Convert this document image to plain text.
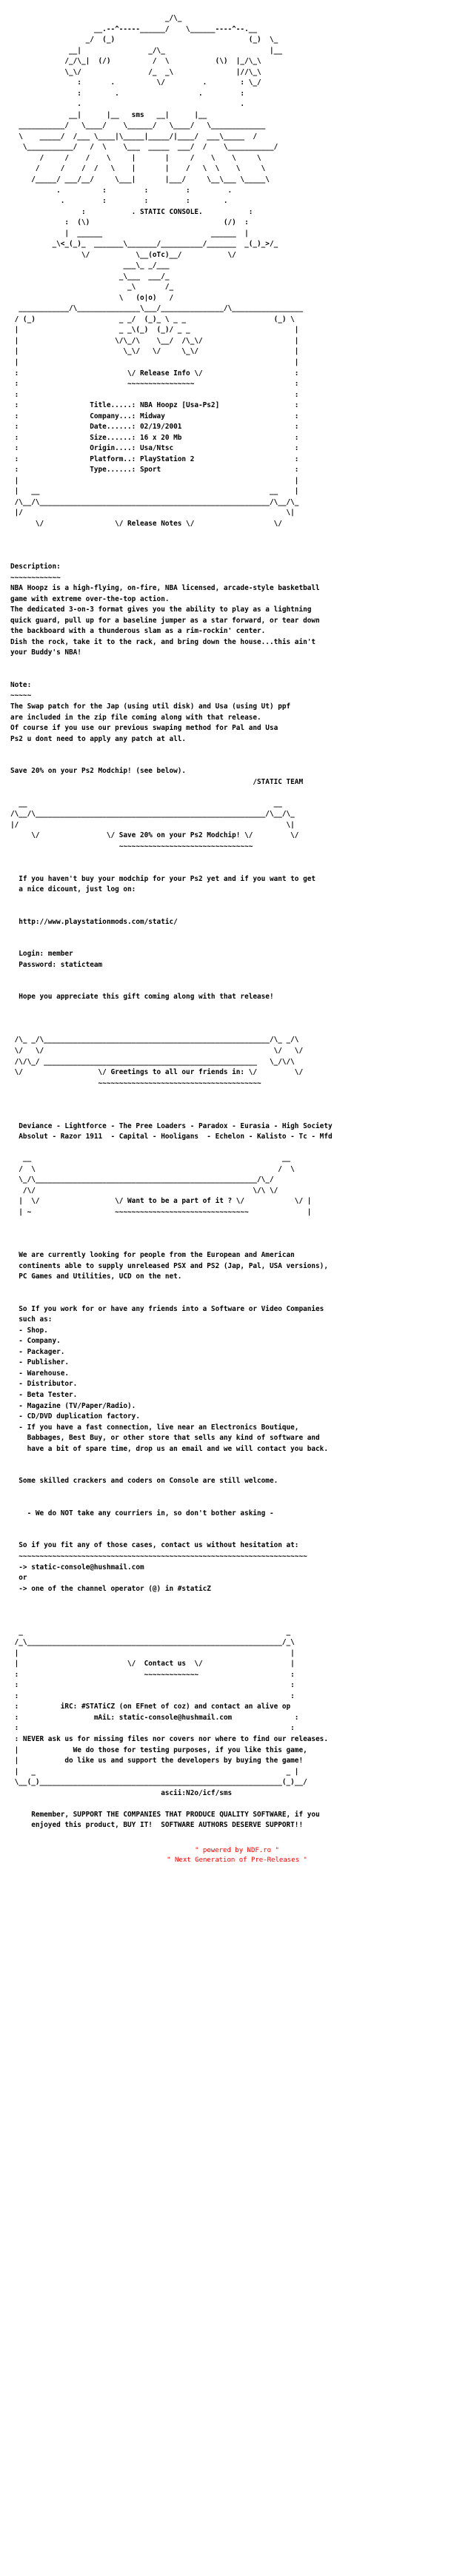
_/\_
__.--^-----______/    \______----^--.__
_/  (_)                                (_)  \_
__|                _/\_                         |__
/_/\_|  (/)          /  \           (\)  |_/\_\
\_\/                /_  _\               |//\_\
:       .          \/         .        : \_/
:        .                   .         :
.                                      .
__|      |__   sms   __|      |__
___________/   \____/    \______/   \____/   \_____________
\    _____/  /___ \____|\_____|_____/|____/  ___\_____  /
\___________/   /  \    \___  _____  ___/  /    \___________/
/     /    /    \     |       |     /    \    \     \
/     /    /  /   \    |       |    /   \  \    \     \
/_____/ ___/__/     \___|       |___/     \__\___ \_____\
.          :         :         :         .
.         :         :         :        .
:           . STATIC CONSOLE.           :
:  (\)                                (/)  :
|  ______                          ______  |
_\<_(_)_  _______\_______/__________/_______  _(_)_>/_
\/           \__(oTc)__/           \/
___\_ _/___
_\___  ___/_
_\       /_
\   (o|o)   /
____________/\_______________\___/_______________/\_________________
/ (_)                    _ _/  (_)_ \ _ _                     (_) \
|                        _ _\(_)  (_)/ _ _                         |
|                       \/\_/\    \__/  /\_\/                      |
|                         \_\/   \/     \_\/                       |
|                                                                  |
:                          \/ Release Info \/                      :
:                          ~~~~~~~~~~~~~~~~                        :
:                                                                  :
:                 Title.....: NBA Hoopz [Usa-Ps2]                  :
:                 Company...: Midway                               :
:                 Date......: 02/19/2001                           :
:                 Size......: 16 x 20 Mb                           :
:                 Origin....: Usa/Ntsc                             :
:                 Platform..: PlayStation 2                        :
:                 Type......: Sport                                :
|                                                                  |
|   __                                                       __    |
/\__/\_______________________________________________________/\__/\_
|/                                                               \|
\/                 \/ Release Notes \/                   \/

Description:
~~~~~~~~~~~~
NBA Hoopz is a high-flying, on-fire, NBA licensed, arcade-style basketball
game with extreme over-the-top action.
The dedicated 3-on-3 format gives you the ability to play as a lightning
quick guard, pull up for a baseline jumper as a star forward, or tear down
the backboard with a thunderous slam as a rim-rockin' center.
Dish the rock, take it to the rack, and bring down the house...this ain't
your Buddy's NBA!

Note:
~~~~~
The Swap patch for the Jap (using util disk) and Usa (using Ut) ppf
are included in the zip file coming along with that release.
Of course if you use our previous swaping method for Pal and Usa
Ps2 u dont need to apply any patch at all.

Save 20% on your Ps2 Modchip! (see below).
/STATIC TEAM

__                                                           __
/\__/\_______________________________________________________/\__/\_
|/                                                                \|
\/                \/ Save 20% on your Ps2 Modchip! \/         \/
~~~~~~~~~~~~~~~~~~~~~~~~~~~~~~~~

If you haven't buy your modchip for your Ps2 yet and if you want to get
a nice dicount, just log on:

http://www.playstationmods.com/static/

Login: member
Password: staticteam

Hope you appreciate this gift coming along with that release!

/\_ _/\______________________________________________________/\_ _/\
\/   \/                                                       \/   \/
/\/\_/ ___________________________________________________   \_/\/\
\/                  \/ Greetings to all our friends in: \/         \/
~~~~~~~~~~~~~~~~~~~~~~~~~~~~~~~~~~~~~~~

Deviance - Lightforce - The Pree Loaders - Paradox - Eurasia - High Society
Absolut - Razor 1911  - Capital - Hooligans  - Echelon - Kalisto - Tc - Mfd

__                                                            __
/  \                                                          /  \
\_/\_____________________________________________________/\_/
/\/                                                    \/\ \/
|  \/                  \/ Want to be a part of it ? \/            \/ |
| ~                    ~~~~~~~~~~~~~~~~~~~~~~~~~~~~~~~~              |

We are currently looking for people from the European and American
continents able to supply unreleased PSX and PS2 (Jap, Pal, USA versions),
PC Games and Utilities, UCD on the net.

So If you work for or have any friends into a Software or Video Companies
such as:
- Shop.
- Company.
- Packager.
- Publisher.
- Warehouse.
- Distributor.
- Beta Tester.
- Magazine (TV/Paper/Radio).
- CD/DVD duplication factory.
- If you have a fast connection, live near an Electronics Boutique,
Babbages, Best Buy, or other store that sells any kind of software and
have a bit of spare time, drop us an email and we will contact you back.

Some skilled crackers and coders on Console are still welcome.

- We do NOT take any courriers in, so don't bother asking -

So if you fit any of those cases, contact us without hesitation at:
~~~~~~~~~~~~~~~~~~~~~~~~~~~~~~~~~~~~~~~~~~~~~~~~~~~~~~~~~~~~~~~~~~~~~
-> static-console@hushmail.com
or
-> one of the channel operator (@) in #staticZ

_                                                               _
/_\_____________________________________________________________/_\
|                                                                 |
|                          \/  Contact us  \/                     |
:                              ~~~~~~~~~~~~~                      :
:                                                                 :
:                                                                 :
:          iRC: #STATiCZ (on EFnet of coz) and contact an alive op
:                  mAiL: static-console@hushmail.com               :
:                                                                 :
: NEVER ask us for missing files nor covers nor where to find our releases.
|             We do those for testing purposes, if you like this game,
|           do like us and support the developers by buying the game!
|   _                                                            _ |
\__(_)__________________________________________________________(_)__/
ascii:N2o/icf/sms

Remember, SUPPORT THE COMPANIES THAT PRODUCE QUALITY SOFTWARE, if you
enjoyed this product, BUY IT!  SOFTWARE AUTHORS DESERVE SUPPORT!!
" powered by NDF.ro "
" Next Generation of Pre-Releases "
